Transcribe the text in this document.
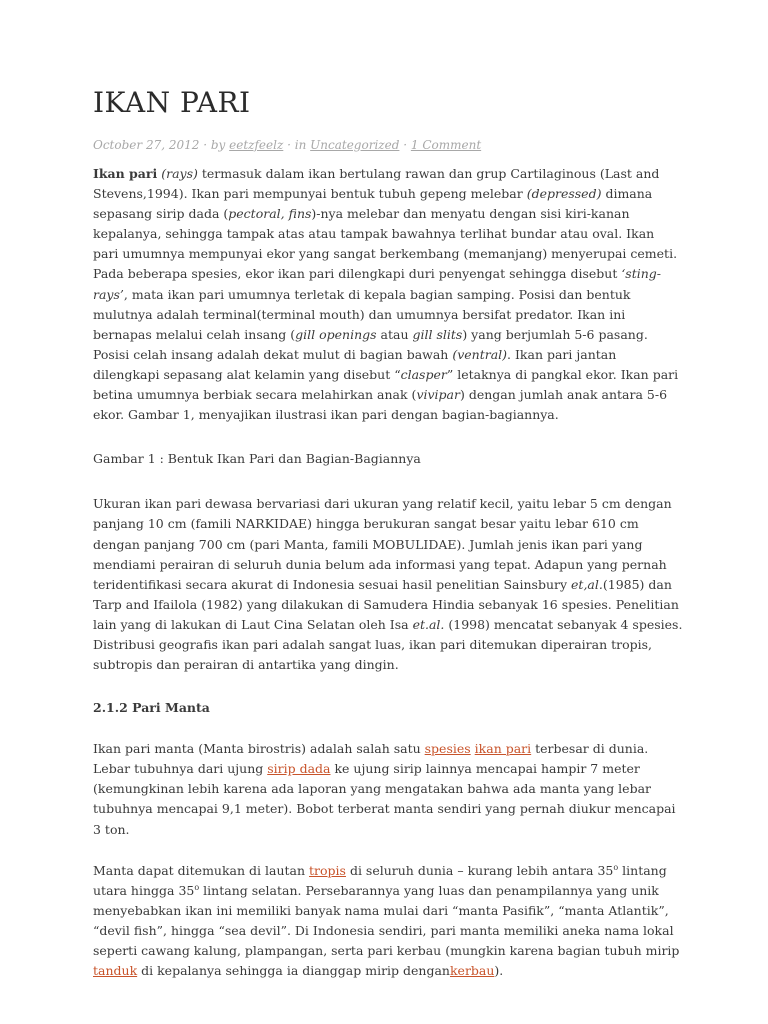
IKAN PARI
October 27, 2012 · by eetzfeelz · in Uncategorized · 1 Comment

Ikan pari (rays) termasuk dalam ikan bertulang rawan dan grup Cartilaginous (Last and Stevens,1994). Ikan pari mempunyai bentuk tubuh gepeng melebar (depressed) dimana sepasang sirip dada (pectoral, fins)-nya melebar dan menyatu dengan sisi kiri-kanan kepalanya, sehingga tampak atas atau tampak bawahnya terlihat bundar atau oval. Ikan pari umumnya mempunyai ekor yang sangat berkembang (memanjang) menyerupai cemeti. Pada beberapa spesies, ekor ikan pari dilengkapi duri penyengat sehingga disebut ‘sting-rays’, mata ikan pari umumnya terletak di kepala bagian samping. Posisi dan bentuk mulutnya adalah terminal(terminal mouth) dan umumnya bersifat predator. Ikan ini bernapas melalui celah insang (gill openings atau gill slits) yang berjumlah 5-6 pasang. Posisi celah insang adalah dekat mulut di bagian bawah (ventral). Ikan pari jantan dilengkapi sepasang alat kelamin yang disebut “clasper” letaknya di pangkal ekor. Ikan pari betina umumnya berbiak secara melahirkan anak (vivipar) dengan jumlah anak antara 5-6 ekor. Gambar 1, menyajikan ilustrasi ikan pari dengan bagian-bagiannya.

Gambar 1 : Bentuk Ikan Pari dan Bagian-Bagiannya

Ukuran ikan pari dewasa bervariasi dari ukuran yang relatif kecil, yaitu lebar 5 cm dengan panjang 10 cm (famili NARKIDAE) hingga berukuran sangat besar yaitu lebar 610 cm dengan panjang 700 cm (pari Manta, famili MOBULIDAE). Jumlah jenis ikan pari yang mendiami perairan di seluruh dunia belum ada informasi yang tepat. Adapun yang pernah teridentifikasi secara akurat di Indonesia sesuai hasil penelitian Sainsbury et,al.(1985) dan Tarp and Ifailola (1982) yang dilakukan di Samudera Hindia sebanyak 16 spesies. Penelitian lain yang di lakukan di Laut Cina Selatan oleh Isa et.al. (1998) mencatat sebanyak 4 spesies. Distribusi geografis ikan pari adalah sangat luas, ikan pari ditemukan diperairan tropis, subtropis dan perairan di antartika yang dingin.

2.1.2 Pari Manta

Ikan pari manta (Manta birostris) adalah salah satu spesies ikan pari terbesar di dunia. Lebar tubuhnya dari ujung sirip dada ke ujung sirip lainnya mencapai hampir 7 meter (kemungkinan lebih karena ada laporan yang mengatakan bahwa ada manta yang lebar tubuhnya mencapai 9,1 meter). Bobot terberat manta sendiri yang pernah diukur mencapai 3 ton.

Manta dapat ditemukan di lautan tropis di seluruh dunia – kurang lebih antara 35$^o$ lintang utara hingga 35$^o$ lintang selatan. Persebarannya yang luas dan penampilannya yang unik menyebabkan ikan ini memiliki banyak nama mulai dari “manta Pasifik”, “manta Atlantik”, “devil fish”, hingga “sea devil”. Di Indonesia sendiri, pari manta memiliki aneka nama lokal seperti cawang kalung, plampangan, serta pari kerbau (mungkin karena bagian tubuh mirip tanduk di kepalanya sehingga ia dianggap mirip dengankerbau).
